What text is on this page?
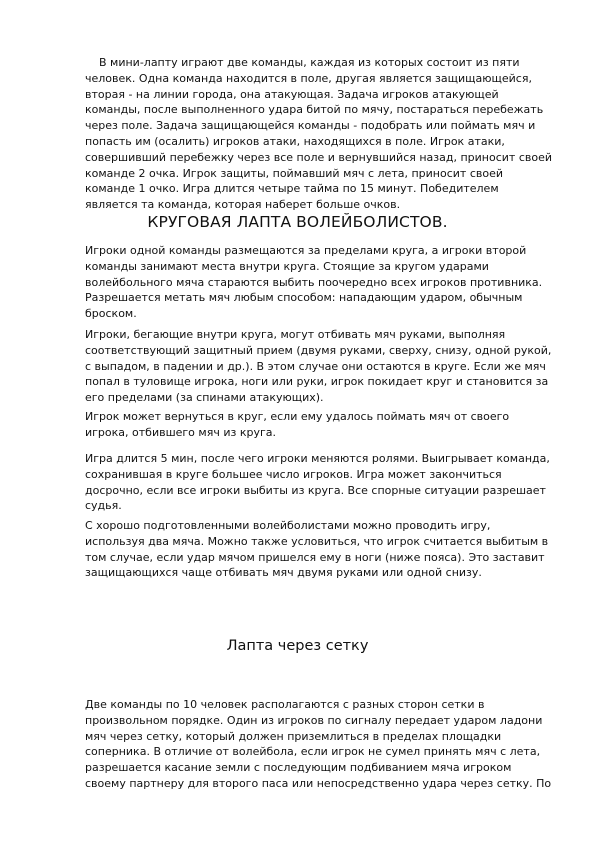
В мини-лапту играют две команды, каждая из которых состоит из пяти
человек. Одна команда находится в поле, другая является защищающейся,
вторая - на линии города, она атакующая. Задача игроков атакующей
команды, после выполненного удара битой по мячу, постараться перебежать
через поле. Задача защищающейся команды - подобрать или поймать мяч и
попасть им (осалить) игроков атаки, находящихся в поле. Игрок атаки,
совершивший перебежку через все поле и вернувшийся назад, приносит своей
команде 2 очка. Игрок защиты, поймавший мяч с лета, приносит своей
команде 1 очко. Игра длится четыре тайма по 15 минут. Победителем
является та команда, которая наберет больше очков.

КРУГОВАЯ ЛАПТА ВОЛЕЙБОЛИСТОВ.

Игроки одной команды размещаются за пределами круга, а игроки второй
команды занимают места внутри круга. Стоящие за кругом ударами
волейбольного мяча стараются выбить поочередно всех игроков противника.
Разрешается метать мяч любым способом: нападающим ударом, обычным
броском.

Игроки, бегающие внутри круга, могут отбивать мяч руками, выполняя
соответствующий защитный прием (двумя руками, сверху, снизу, одной рукой,
с выпадом, в падении и др.). В этом случае они остаются в круге. Если же мяч
попал в туловище игрока, ноги или руки, игрок покидает круг и становится за
его пределами (за спинами атакующих).

Игрок может вернуться в круг, если ему удалось поймать мяч от своего
игрока, отбившего мяч из круга.

Игра длится 5 мин, после чего игроки меняются ролями. Выигрывает команда,
сохранившая в круге большее число игроков. Игра может закончиться
досрочно, если все игроки выбиты из круга. Все спорные ситуации разрешает
судья.

С хорошо подготовленными волейболистами можно проводить игру,
используя два мяча. Можно также условиться, что игрок считается выбитым в
том случае, если удар мячом пришелся ему в ноги (ниже пояса). Это заставит
защищающихся чаще отбивать мяч двумя руками или одной снизу.

Лапта через сетку

Две команды по 10 человек располагаются с разных сторон сетки в
произвольном порядке. Один из игроков по сигналу передает ударом ладони
мяч через сетку, который должен приземлиться в пределах площадки
соперника. В отличие от волейбола, если игрок не сумел принять мяч с лета,
разрешается касание земли с последующим подбиванием мяча игроком
своему партнеру для второго паса или непосредственно удара через сетку. По
